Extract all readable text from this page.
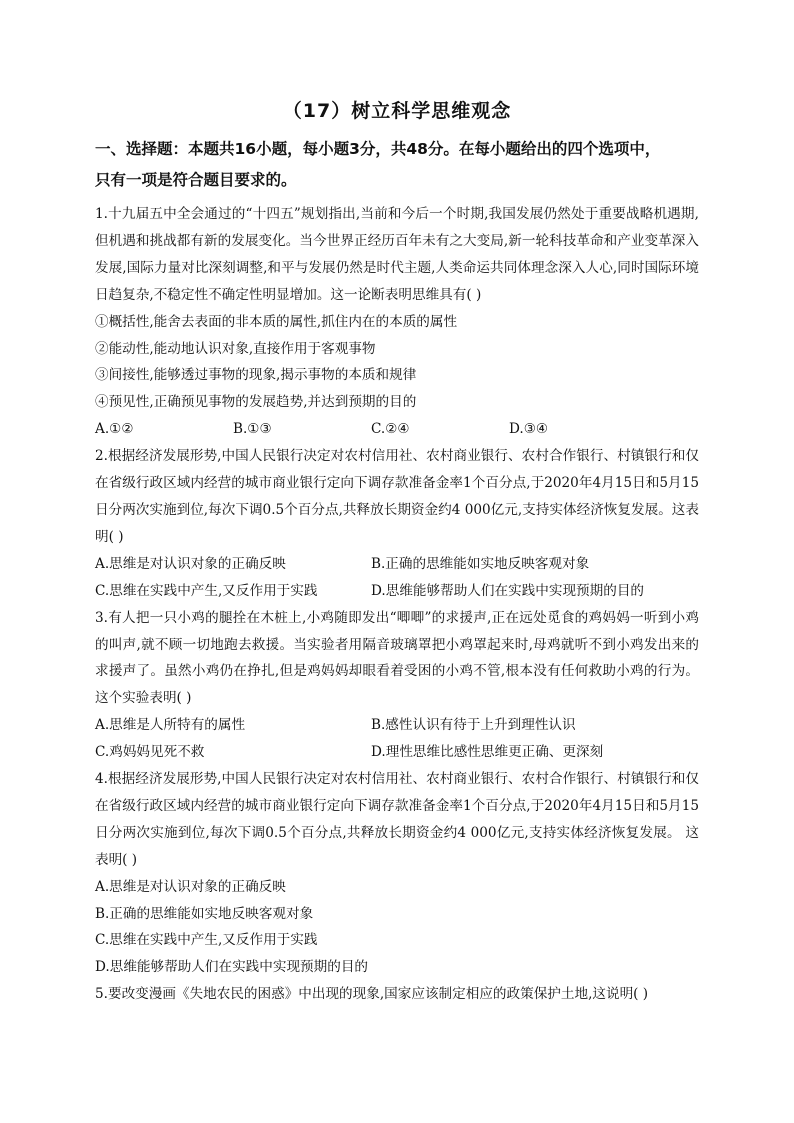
（17）树立科学思维观念
一、选择题：本题共16小题，每小题3分，共48分。在每小题给出的四个选项中，
只有一项是符合题目要求的。
1.十九届五中全会通过的“十四五”规划指出,当前和今后一个时期,我国发展仍然处于重要战略机遇期,但机遇和挑战都有新的发展变化。当今世界正经历百年未有之大变局,新一轮科技革命和产业变革深入发展,国际力量对比深刻调整,和平与发展仍然是时代主题,人类命运共同体理念深入人心,同时国际环境日趋复杂,不稳定性不确定性明显增加。这一论断表明思维具有( )
①概括性,能舍去表面的非本质的属性,抓住内在的本质的属性
②能动性,能动地认识对象,直接作用于客观事物
③间接性,能够透过事物的现象,揭示事物的本质和规律
④预见性,正确预见事物的发展趋势,并达到预期的目的
A.①②	B.①③	C.②④	D.③④
2.根据经济发展形势,中国人民银行决定对农村信用社、农村商业银行、农村合作银行、村镇银行和仅在省级行政区域内经营的城市商业银行定向下调存款准备金率1个百分点,于2020年4月15日和5月15日分两次实施到位,每次下调0.5个百分点,共释放长期资金约4 000亿元,支持实体经济恢复发展。这表明( )
A.思维是对认识对象的正确反映	B.正确的思维能如实地反映客观对象
C.思维在实践中产生,又反作用于实践	D.思维能够帮助人们在实践中实现预期的目的
3.有人把一只小鸡的腿拴在木桩上,小鸡随即发出“唧唧”的求援声,正在远处觅食的鸡妈妈一听到小鸡的叫声,就不顾一切地跑去救援。当实验者用隔音玻璃罩把小鸡罩起来时,母鸡就听不到小鸡发出来的求援声了。虽然小鸡仍在挣扎,但是鸡妈妈却眼看着受困的小鸡不管,根本没有任何救助小鸡的行为。这个实验表明( )
A.思维是人所特有的属性	B.感性认识有待于上升到理性认识
C.鸡妈妈见死不救	D.理性思维比感性思维更正确、更深刻
4.根据经济发展形势,中国人民银行决定对农村信用社、农村商业银行、农村合作银行、村镇银行和仅在省级行政区域内经营的城市商业银行定向下调存款准备金率1个百分点,于2020年4月15日和5月15日分两次实施到位,每次下调0.5个百分点,共释放长期资金约4 000亿元,支持实体经济恢复发展。 这表明( )
A.思维是对认识对象的正确反映
B.正确的思维能如实地反映客观对象
C.思维在实践中产生,又反作用于实践
D.思维能够帮助人们在实践中实现预期的目的
5.要改变漫画《失地农民的困惑》中出现的现象,国家应该制定相应的政策保护土地,这说明( )
